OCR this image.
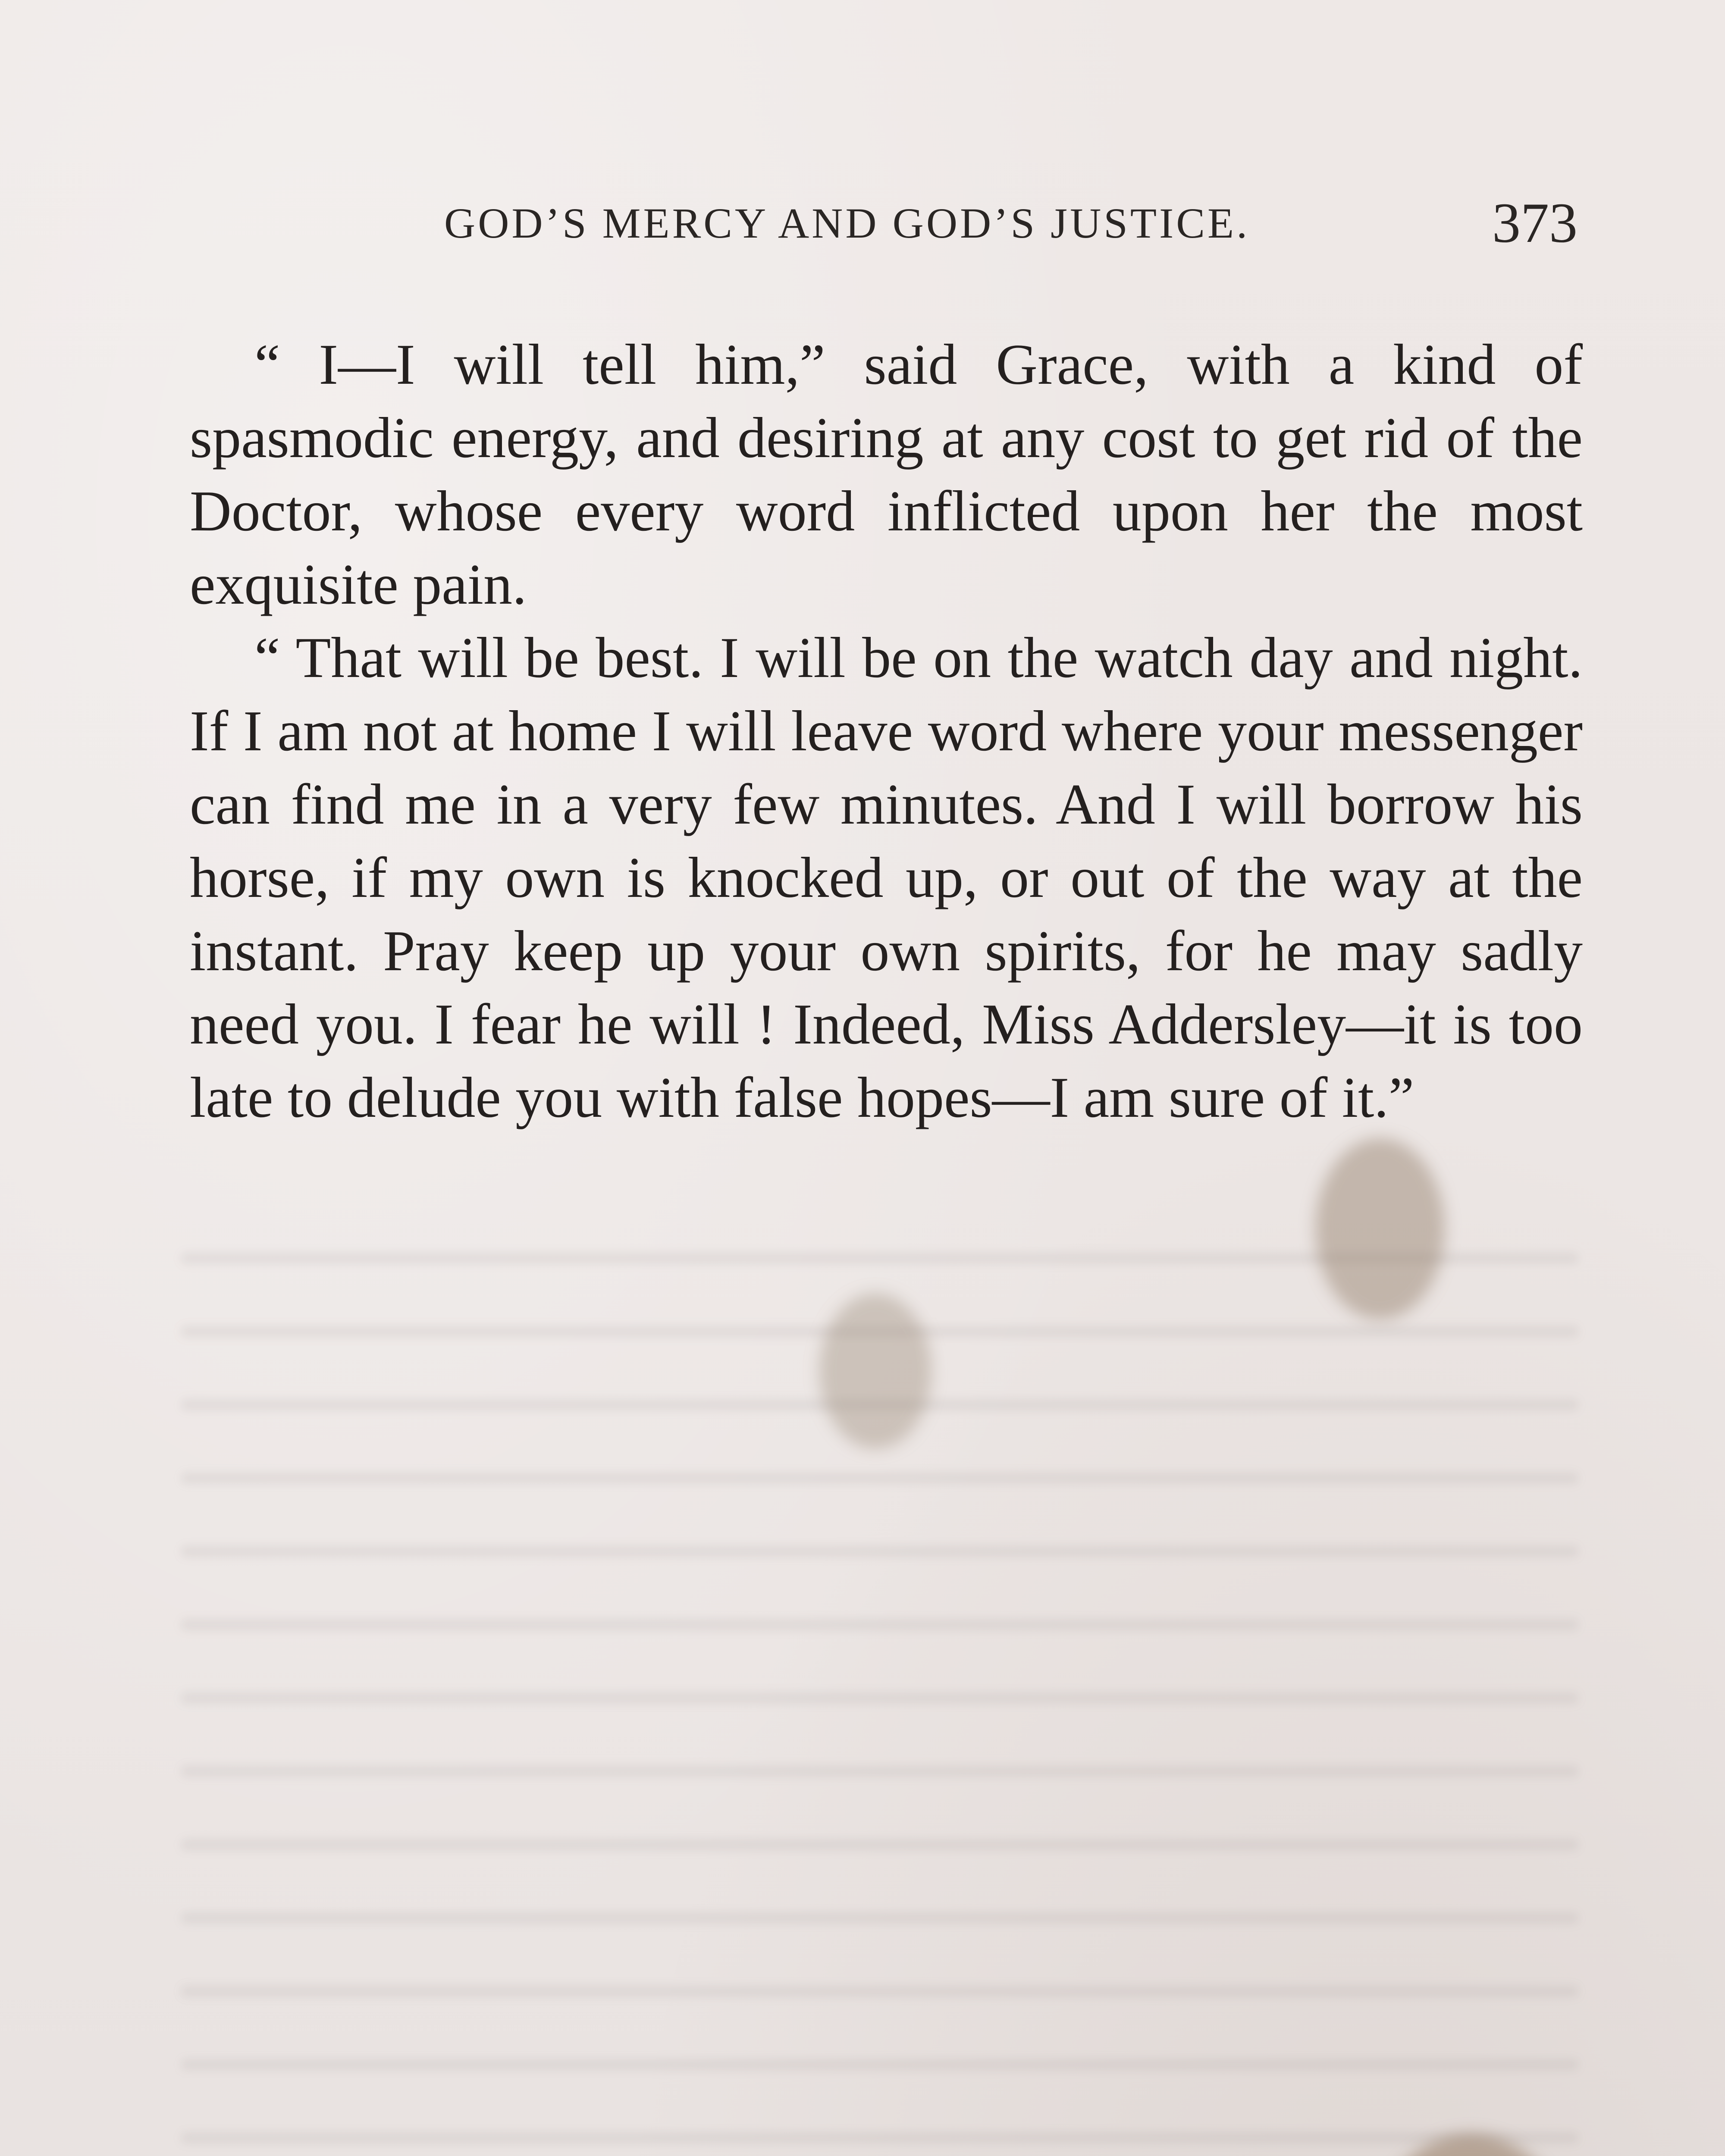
GOD’S MERCY AND GOD’S JUSTICE.	373

“ I—I will tell him,” said Grace, with a kind of spasmodic energy, and desiring at any cost to get rid of the Doctor, whose every word inflicted upon her the most exquisite pain.

“ That will be best. I will be on the watch day and night. If I am not at home I will leave word where your messenger can find me in a very few minutes. And I will borrow his horse, if my own is knocked up, or out of the way at the instant. Pray keep up your own spirits, for he may sadly need you. I fear he will ! Indeed, Miss Addersley—it is too late to delude you with false hopes—I am sure of it.”
